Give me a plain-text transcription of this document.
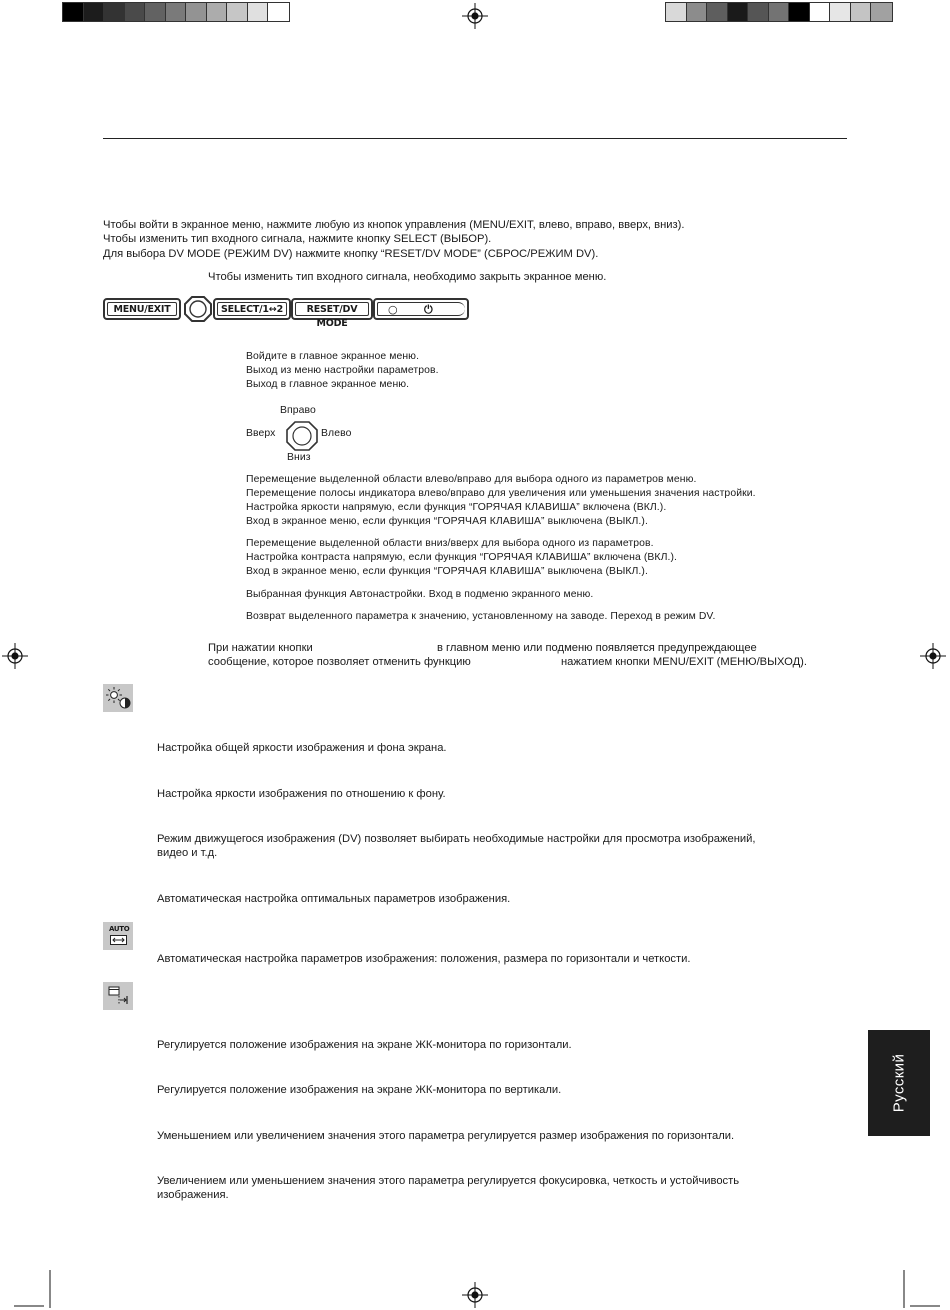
Чтобы войти в экранное меню, нажмите любую из кнопок управления (MENU/EXIT, влево, вправо, вверх, вниз).
Чтобы изменить тип входного сигнала, нажмите кнопку SELECT (ВЫБОР).
Для выбора DV MODE (РЕЖИМ DV) нажмите кнопку “RESET/DV MODE” (СБРОС/РЕЖИМ DV).
Чтобы изменить тип входного сигнала, необходимо закрыть экранное меню.
MENU/EXIT	SELECT/1↔2	RESET/DV MODE
○ ⏻
Войдите в главное экранное меню.
Выход из меню настройки параметров.
Выход в главное экранное меню.
Вправо
Вверх	Влево
Вниз
Перемещение выделенной области влево/вправо для выбора одного из параметров меню.
Перемещение полосы индикатора влево/вправо для увеличения или уменьшения значения настройки.
Настройка яркости напрямую, если функция “ГОРЯЧАЯ КЛАВИША” включена (ВКЛ.).
Вход в экранное меню, если функция “ГОРЯЧАЯ КЛАВИША” выключена (ВЫКЛ.).
Перемещение выделенной области вниз/вверх для выбора одного из параметров.
Настройка контраста напрямую, если функция “ГОРЯЧАЯ КЛАВИША” включена (ВКЛ.).
Вход в экранное меню, если функция “ГОРЯЧАЯ КЛАВИША” выключена (ВЫКЛ.).
Выбранная функция Автонастройки. Вход в подменю экранного меню.
Возврат выделенного параметра к значению, установленному на заводе. Переход в режим DV.
При нажатии кнопки	в главном меню или подменю появляется предупреждающее
сообщение, которое позволяет отменить функцию	нажатием кнопки MENU/EXIT (МЕНЮ/ВЫХОД).
Настройка общей яркости изображения и фона экрана.
Настройка яркости изображения по отношению к фону.
Режим движущегося изображения (DV) позволяет выбирать необходимые настройки для просмотра изображений,
видео и т.д.
Автоматическая настройка оптимальных параметров изображения.
AUTO
Автоматическая настройка параметров изображения: положения, размера по горизонтали и четкости.
Регулируется положение изображения на экране ЖК-монитора по горизонтали.
Регулируется положение изображения на экране ЖК-монитора по вертикали.
Уменьшением или увеличением значения этого параметра регулируется размер изображения по горизонтали.
Увеличением или уменьшением значения этого параметра регулируется фокусировка, четкость и устойчивость
изображения.
Русский
